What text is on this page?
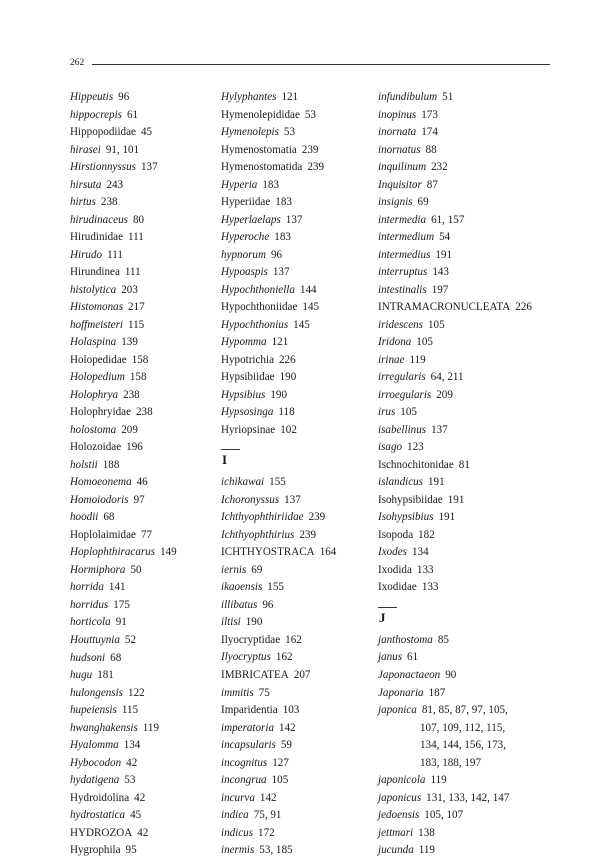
262
Hippeutis 96
hippocrepis 61
Hippopodiidae 45
hirasei 91, 101
Hirstionnyssus 137
hirsuta 243
hirtus 238
hirudinaceus 80
Hirudinidae 111
Hirudo 111
Hirundinea 111
histolytica 203
Histomonas 217
hoffmeisteri 115
Holaspina 139
Holopedidae 158
Holopedium 158
Holophrya 238
Holophryidae 238
holostoma 209
Holozoidae 196
holstii 188
Homoeonema 46
Homoiodoris 97
hoodii 68
Hoplolaimidae 77
Hoplophthiracarus 149
Hormiphora 50
horrida 141
horridus 175
horticola 91
Houttuynia 52
hudsoni 68
hugu 181
hulongensis 122
hupeiensis 115
hwanghakensis 119
Hyalomma 134
Hybocodon 42
hydatigena 53
Hydroidolina 42
hydrostatica 45
HYDROZOA 42
Hygrophila 95
Hylyphantes 121
Hymenolepididae 53
Hymenolepis 53
Hymenostomatia 239
Hymenostomatida 239
Hyperia 183
Hyperiidae 183
Hyperlaelaps 137
Hyperoche 183
hypnorum 96
Hypoaspis 137
Hypochthoniella 144
Hypochthoniidae 145
Hypochthonius 145
Hypomma 121
Hypotrichia 226
Hypsibiidae 190
Hypsibius 190
Hypsosinga 118
Hyriopsinae 102
I
ichikawai 155
Ichoronyssus 137
Ichthyophthiriidae 239
Ichthyophthirius 239
ICHTHYOSTRACA 164
iernis 69
ikaoensis 155
illibatus 96
iltisi 190
Ilyocryptidae 162
Ilyocryptus 162
IMBRICATEA 207
immitis 75
Imparidentia 103
imperatoria 142
incapsularis 59
incognitus 127
incongrua 105
incurva 142
indica 75, 91
indicus 172
inermis 53, 185
infundibulum 51
inopinus 173
inornata 174
inornatus 88
inquilinum 232
Inquisitor 87
insignis 69
intermedia 61, 157
intermedium 54
intermedius 191
interruptus 143
intestinalis 197
INTRAMACRONUCLEATA 226
iridescens 105
Iridona 105
irinae 119
irregularis 64, 211
irroegularis 209
irus 105
isabellinus 137
isago 123
Ischnochitonidae 81
islandicus 191
Isohypsibiidae 191
Isohypsibius 191
Isopoda 182
Ixodes 134
Ixodida 133
Ixodidae 133
J
janthostoma 85
janus 61
Japonactaeon 90
Japonaria 187
japonica 81, 85, 87, 97, 105,
107, 109, 112, 115,
134, 144, 156, 173,
183, 188, 197
japonicola 119
japonicus 131, 133, 142, 147
jedoensis 105, 107
jettmari 138
jucunda 119
